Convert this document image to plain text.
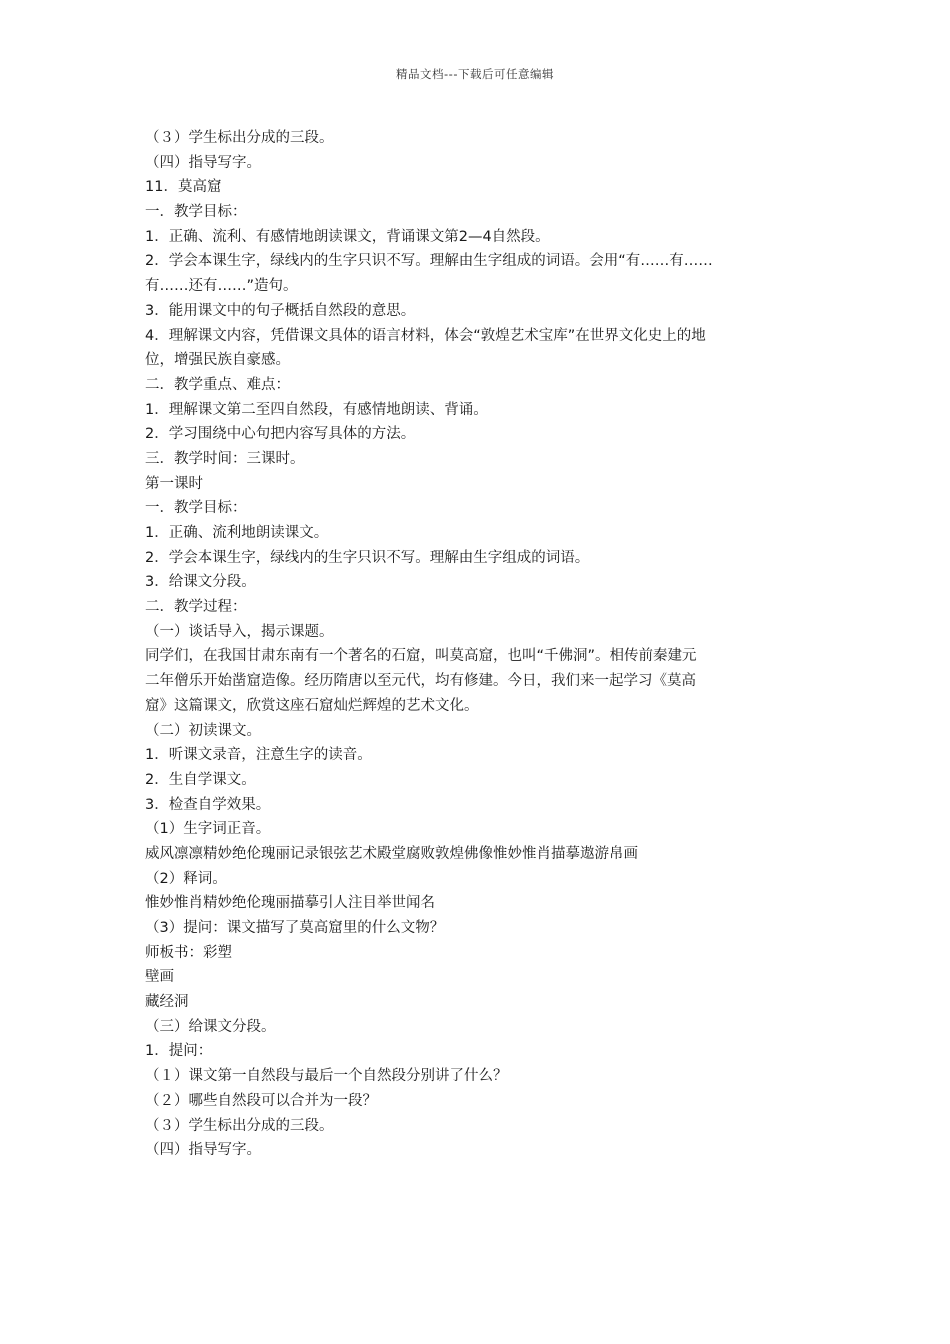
精品文档---下载后可任意编辑
（３）学生标出分成的三段。
（四）指导写字。
11．莫高窟
一．教学目标：
1．正确、流利、有感情地朗读课文，背诵课文第2—4自然段。
2．学会本课生字，绿线内的生字只识不写。理解由生字组成的词语。会用“有……有……
有……还有……”造句。
3．能用课文中的句子概括自然段的意思。
4．理解课文内容，凭借课文具体的语言材料，体会“敦煌艺术宝库”在世界文化史上的地
位，增强民族自豪感。
二．教学重点、难点：
1．理解课文第二至四自然段，有感情地朗读、背诵。
2．学习围绕中心句把内容写具体的方法。
三．教学时间：三课时。
第一课时
一．教学目标：
1．正确、流利地朗读课文。
2．学会本课生字，绿线内的生字只识不写。理解由生字组成的词语。
3．给课文分段。
二．教学过程：
（一）谈话导入，揭示课题。
同学们，在我国甘肃东南有一个著名的石窟，叫莫高窟，也叫“千佛洞”。相传前秦建元
二年僧乐开始凿窟造像。经历隋唐以至元代，均有修建。今日，我们来一起学习《莫高
窟》这篇课文，欣赏这座石窟灿烂辉煌的艺术文化。
（二）初读课文。
1．听课文录音，注意生字的读音。
2．生自学课文。
3．检查自学效果。
（1）生字词正音。
威风凛凛精妙绝伦瑰丽记录银弦艺术殿堂腐败敦煌佛像惟妙惟肖描摹遨游帛画
（2）释词。
惟妙惟肖精妙绝伦瑰丽描摹引人注目举世闻名
（3）提问：课文描写了莫高窟里的什么文物？
师板书：彩塑
壁画
藏经洞
（三）给课文分段。
1．提问：
（１）课文第一自然段与最后一个自然段分别讲了什么？
（２）哪些自然段可以合并为一段？
（３）学生标出分成的三段。
（四）指导写字。
